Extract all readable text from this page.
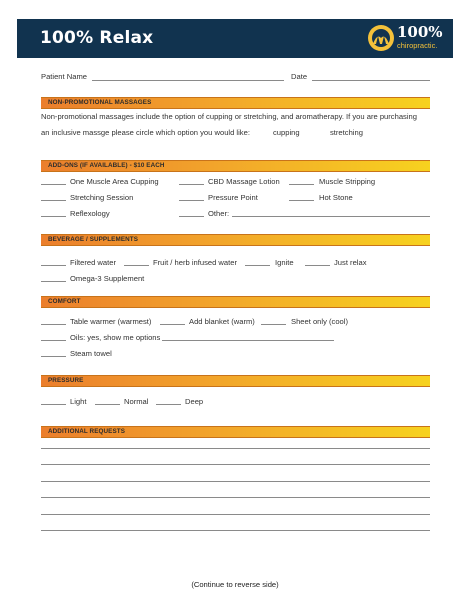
100% Relax	100%
chiropractic.
Patient Name	Date
NON-PROMOTIONAL MASSAGES
Non-promotional massages include the option of cupping or stretching, and aromatherapy. If you are purchasing
an inclusive massge please circle which option you would like:	cupping	stretching
ADD-ONS (IF AVAILABLE) - $10 EACH
One Muscle Area Cupping	CBD Massage Lotion	Muscle Stripping
Stretching Session	Pressure Point	Hot Stone
Reflexology	Other:
BEVERAGE / SUPPLEMENTS
Filtered water	Fruit / herb infused water	Ignite	Just relax
Omega-3 Supplement
COMFORT
Table warmer (warmest)	Add blanket (warm)	Sheet only (cool)
Oils: yes, show me options
Steam towel
PRESSURE
Light	Normal	Deep
ADDITIONAL REQUESTS
(Continue to reverse side)
